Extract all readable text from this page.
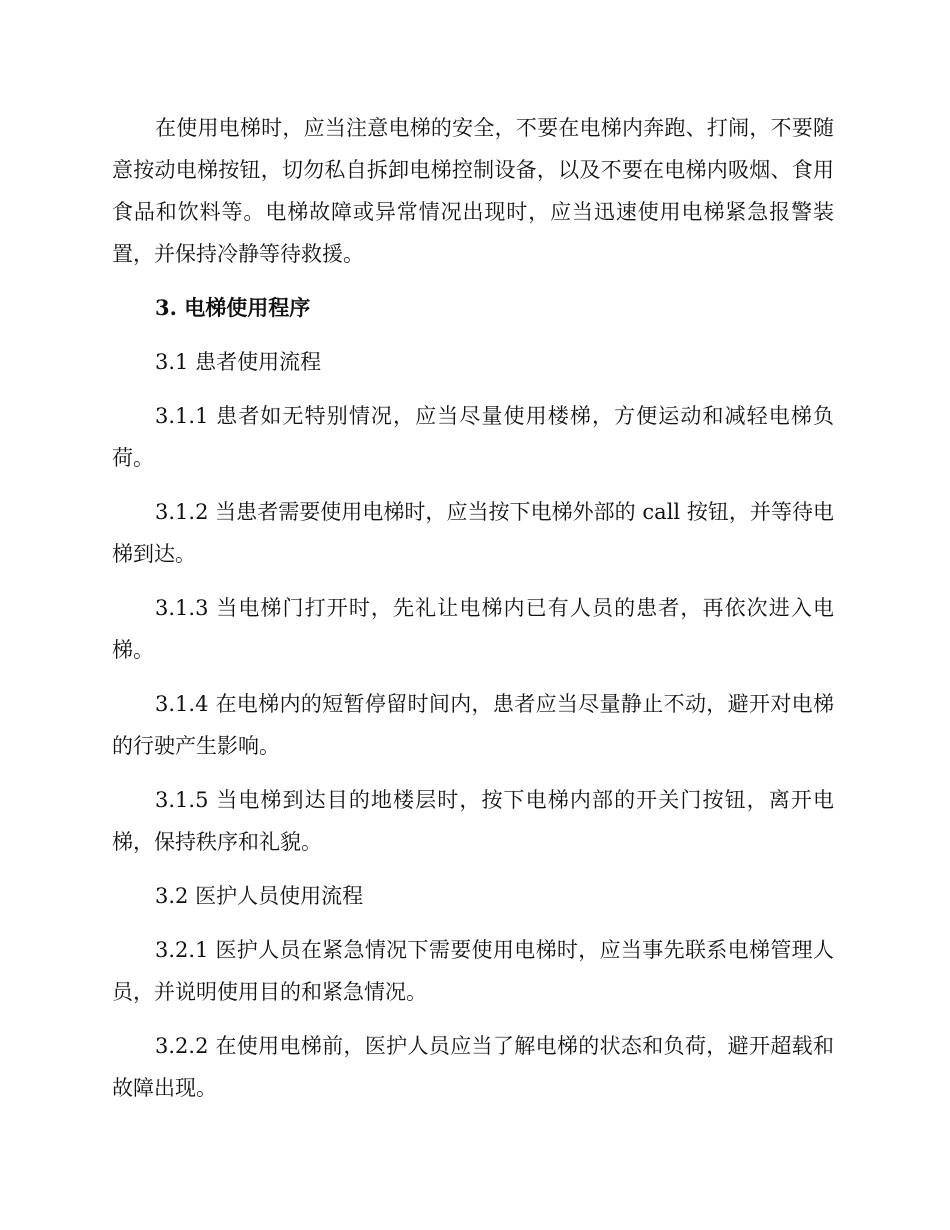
在使用电梯时，应当注意电梯的安全，不要在电梯内奔跑、打闹，不要随意按动电梯按钮，切勿私自拆卸电梯控制设备，以及不要在电梯内吸烟、食用食品和饮料等。电梯故障或异常情况出现时，应当迅速使用电梯紧急报警装置，并保持冷静等待救援。

3. 电梯使用程序

3.1 患者使用流程

3.1.1 患者如无特别情况，应当尽量使用楼梯，方便运动和减轻电梯负荷。

3.1.2 当患者需要使用电梯时，应当按下电梯外部的 call 按钮，并等待电梯到达。

3.1.3 当电梯门打开时，先礼让电梯内已有人员的患者，再依次进入电梯。

3.1.4 在电梯内的短暂停留时间内，患者应当尽量静止不动，避开对电梯的行驶产生影响。

3.1.5 当电梯到达目的地楼层时，按下电梯内部的开关门按钮，离开电梯，保持秩序和礼貌。

3.2 医护人员使用流程

3.2.1 医护人员在紧急情况下需要使用电梯时，应当事先联系电梯管理人员，并说明使用目的和紧急情况。

3.2.2 在使用电梯前，医护人员应当了解电梯的状态和负荷，避开超载和故障出现。
